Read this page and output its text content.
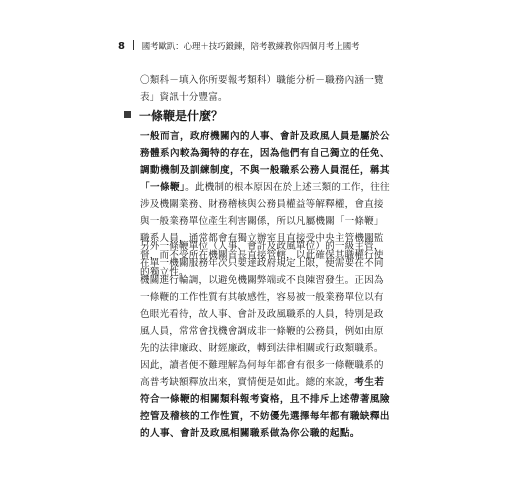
8 國考歐趴：心理＋技巧鍛鍊，陪考教練教你四個月考上國考
〇類科－填入你所要報考類科）職能分析－職務內涵一覽
表」資訊十分豐富。
一條鞭是什麼？
一般而言，政府機關內的人事、會計及政風人員是屬於公
務體系內較為獨特的存在，因為他們有自己獨立的任免、
調動機制及訓練制度，不與一般職系公務人員混任，稱其
「一條鞭」。此機制的根本原因在於上述三類的工作，往往
涉及機關業務、財務稽核與公務員權益等解釋權，會直接
與一般業務單位產生利害關係，所以凡屬機關「一條鞭」
職系人員，通常都會有獨立辦室且直接受中央主管機關監
督，而不受所在機關首長直接管轄，以此確保其職權行使
的獨立性。
另外一條鞭單位（人事、會計及政風單位）的一級主管，
在單一機關服務年次只要達政府規定上限，便需要在不同
機關進行輪調，以避免機關弊端或不良陳習發生。正因為
一條鞭的工作性質有其敏感性，容易被一般業務單位以有
色眼光看待，故人事、會計及政風職系的人員，特別是政
風人員，常常會找機會調成非一條鞭的公務員，例如由原
先的法律廉政、財經廉政，轉到法律相關或行政類職系。
因此，讀者便不難理解為何每年都會有很多一條鞭職系的
高普考缺額釋放出來，實情便是如此。總的來說，考生若
符合一條鞭的相關類科報考資格，且不排斥上述帶著風險
控管及稽核的工作性質，不妨優先選擇每年都有職缺釋出
的人事、會計及政風相關職系做為你公職的起點。
